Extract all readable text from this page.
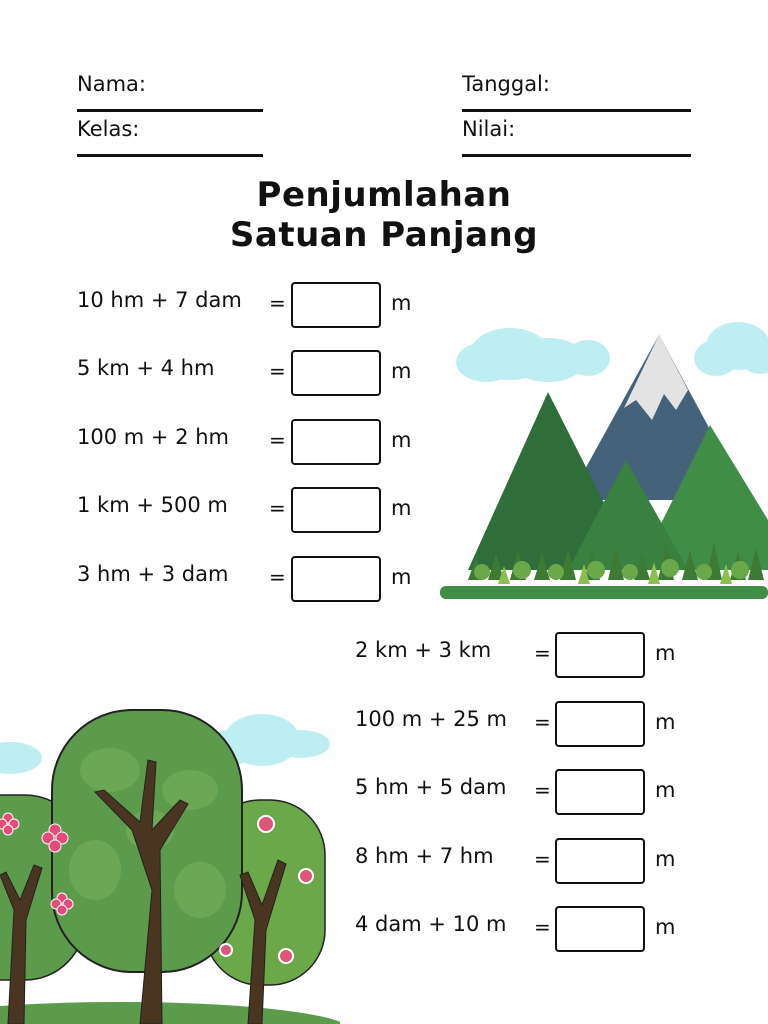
Nama:	Tanggal:
Kelas:	Nilai:
Penjumlahan
Satuan Panjang
10 hm + 7 dam =	m
5 km + 4 hm	=	m
100 m + 2 hm =	m
1 km + 500 m =	m
3 hm + 3 dam =	m
2 km + 3 km =	m
100 m + 25 m =	m
5 hm + 5 dam =	m
8 hm + 7 hm =	m
4 dam + 10 m =	m
